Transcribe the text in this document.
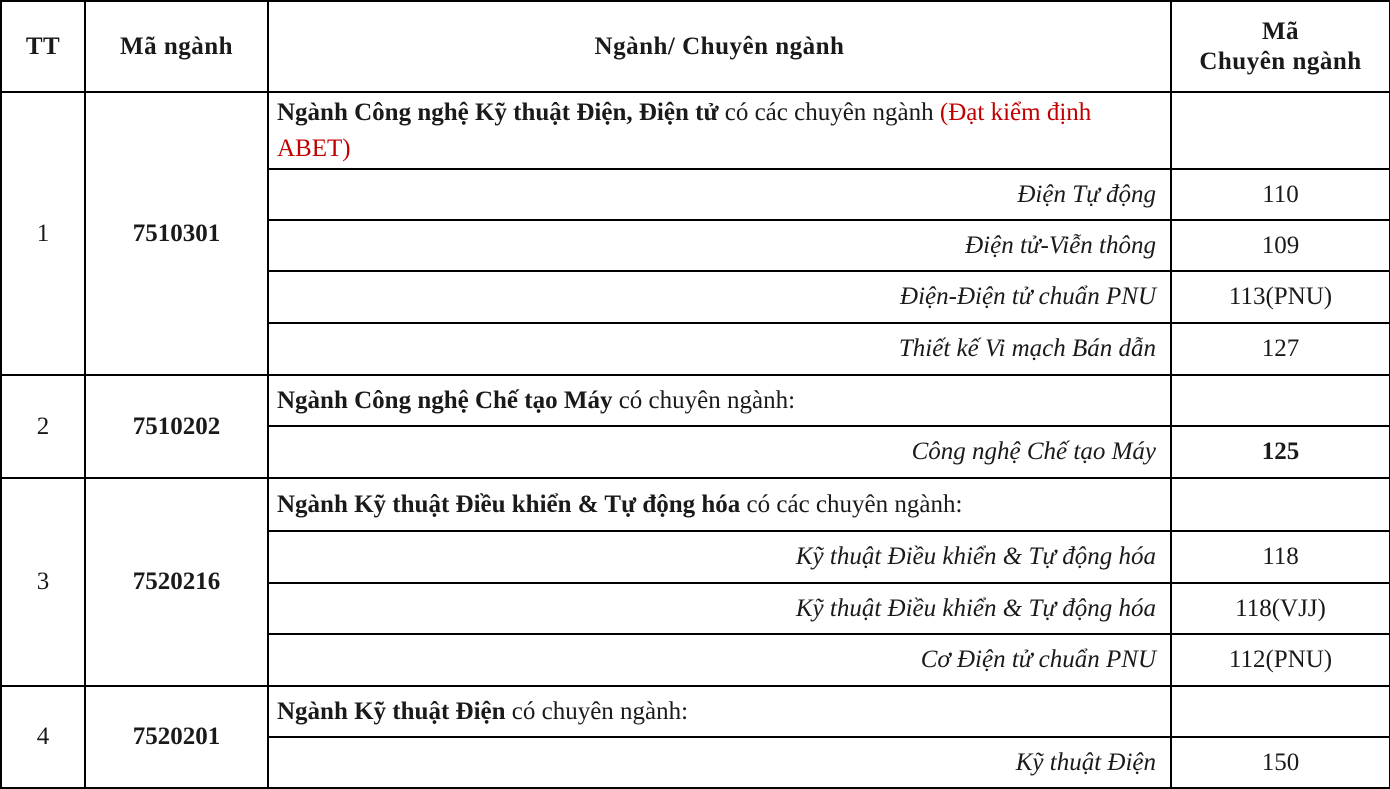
TT	Mã ngành	Ngành/ Chuyên ngành	Mã
Chuyên ngành
1	7510301	Ngành Công nghệ Kỹ thuật Điện, Điện tử có các chuyên ngành (Đạt kiểm định ABET)	
		Điện Tự động	110
		Điện tử-Viễn thông	109
		Điện-Điện tử chuẩn PNU	113(PNU)
		Thiết kế Vi mạch Bán dẫn	127
2	7510202	Ngành Công nghệ Chế tạo Máy có chuyên ngành:	
		Công nghệ Chế tạo Máy	125
3	7520216	Ngành Kỹ thuật Điều khiển & Tự động hóa có các chuyên ngành:	
		Kỹ thuật Điều khiển & Tự động hóa	118
		Kỹ thuật Điều khiển & Tự động hóa	118(VJJ)
		Cơ Điện tử chuẩn PNU	112(PNU)
4	7520201	Ngành Kỹ thuật Điện có chuyên ngành:	
		Kỹ thuật Điện	150
